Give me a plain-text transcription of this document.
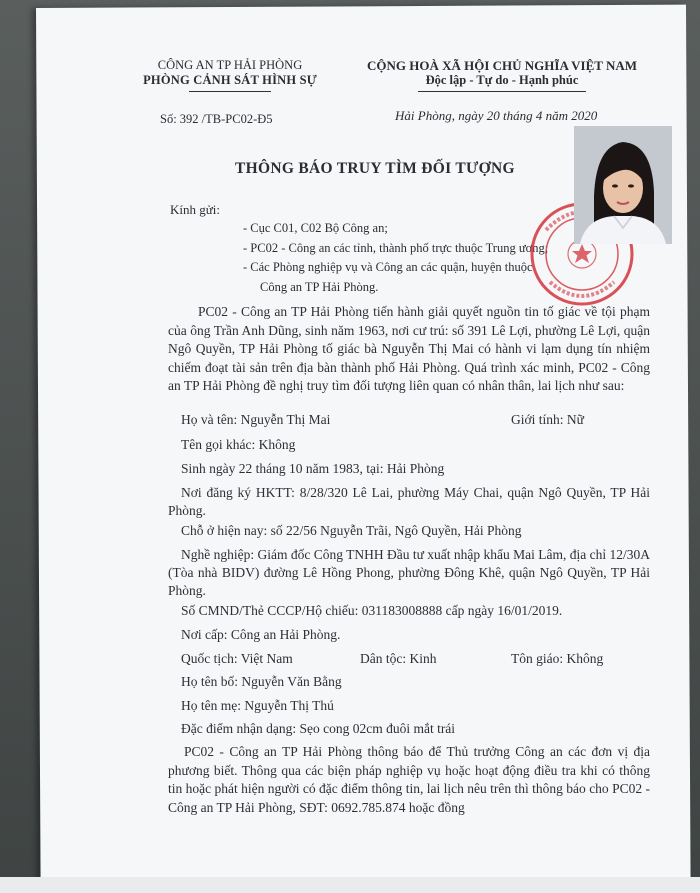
CÔNG AN TP HẢI PHÒNG
PHÒNG CẢNH SÁT HÌNH SỰ
CỘNG HOÀ XÃ HỘI CHỦ NGHĨA VIỆT NAM
Độc lập - Tự do - Hạnh phúc
Số: 392 /TB-PC02-Đ5	Hải Phòng, ngày 20 tháng 4 năm 2020
THÔNG BÁO TRUY TÌM ĐỐI TƯỢNG
Kính gửi:
- Cục C01, C02 Bộ Công an;
- PC02 - Công an các tỉnh, thành phố trực thuộc Trung ương;
- Các Phòng nghiệp vụ và Công an các quận, huyện thuộc
Công an TP Hải Phòng.
PC02 - Công an TP Hải Phòng tiến hành giải quyết nguồn tin tố giác về tội phạm của ông Trần Anh Dũng, sinh năm 1963, nơi cư trú: số 391 Lê Lợi, phường Lê Lợi, quận Ngô Quyền, TP Hải Phòng tố giác bà Nguyễn Thị Mai có hành vi lạm dụng tín nhiệm chiếm đoạt tài sản trên địa bàn thành phố Hải Phòng. Quá trình xác minh, PC02 - Công an TP Hải Phòng đề nghị truy tìm đối tượng liên quan có nhân thân, lai lịch như sau:
Họ và tên: Nguyễn Thị Mai	Giới tính: Nữ
Tên gọi khác: Không
Sinh ngày 22 tháng 10 năm 1983, tại: Hải Phòng
Nơi đăng ký HKTT: 8/28/320 Lê Lai, phường Máy Chai, quận Ngô Quyền, TP Hải Phòng.
Chỗ ở hiện nay: số 22/56 Nguyễn Trãi, Ngô Quyền, Hải Phòng
Nghề nghiệp: Giám đốc Công TNHH Đầu tư xuất nhập khẩu Mai Lâm, địa chỉ 12/30A (Tòa nhà BIDV) đường Lê Hồng Phong, phường Đông Khê, quận Ngô Quyền, TP Hải Phòng.
Số CMND/Thẻ CCCP/Hộ chiếu: 031183008888 cấp ngày 16/01/2019.
Nơi cấp: Công an Hải Phòng.
Quốc tịch: Việt Nam	Dân tộc: Kinh	Tôn giáo: Không
Họ tên bố: Nguyễn Văn Bằng
Họ tên mẹ: Nguyễn Thị Thú
Đặc điểm nhận dạng: Sẹo cong 02cm đuôi mắt trái
PC02 - Công an TP Hải Phòng thông báo để Thủ trưởng Công an các đơn vị địa phương biết. Thông qua các biện pháp nghiệp vụ hoặc hoạt động điều tra khi có thông tin hoặc phát hiện người có đặc điểm thông tin, lai lịch nêu trên thì thông báo cho PC02 - Công an TP Hải Phòng, SĐT: 0692.785.874 hoặc đồng
